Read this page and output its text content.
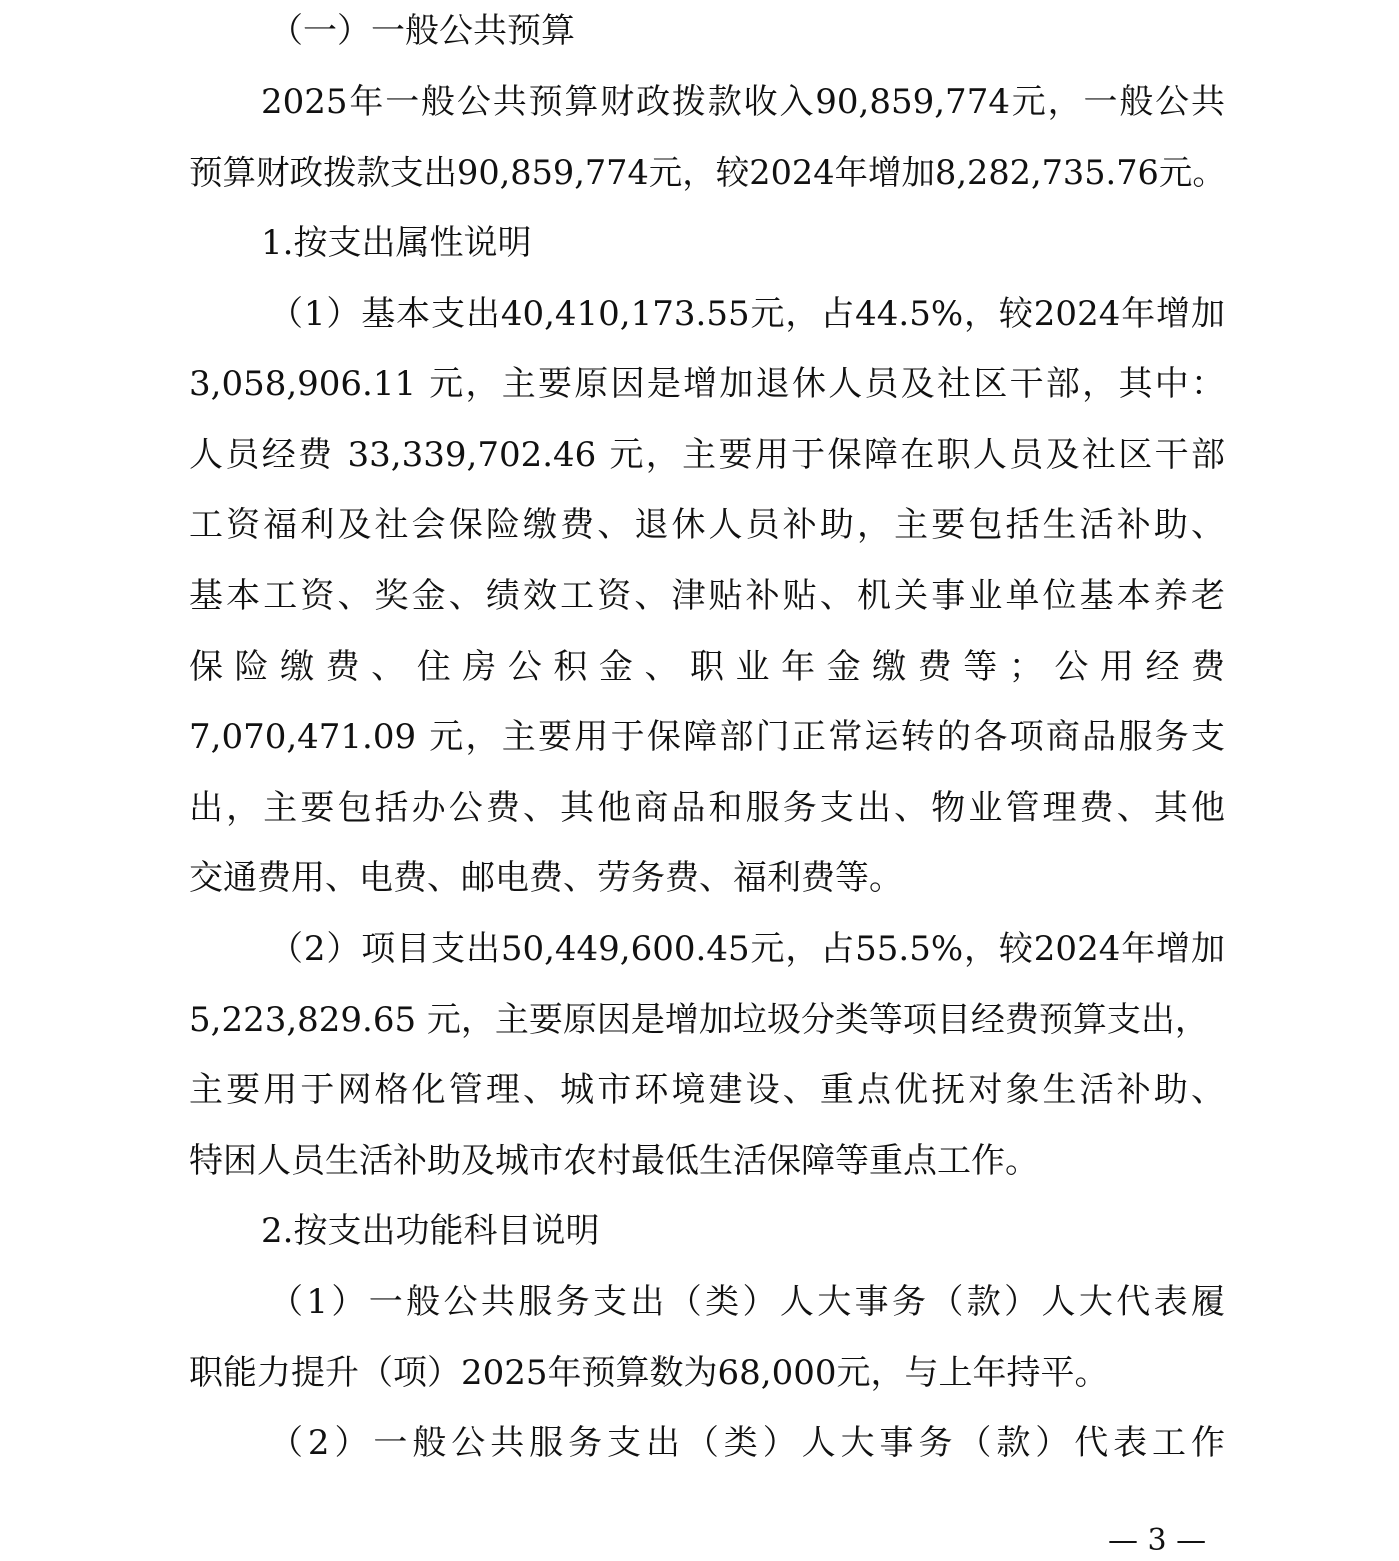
（一）一般公共预算
2025年一般公共预算财政拨款收入90,859,774元，一般公共
预算财政拨款支出90,859,774元，较2024年增加8,282,735.76元。
1.按支出属性说明
（1）基本支出40,410,173.55元，占44.5%，较2024年增加
3,058,906.11 元，主要原因是增加退休人员及社区干部，其中：
人员经费 33,339,702.46 元，主要用于保障在职人员及社区干部
工资福利及社会保险缴费、退休人员补助，主要包括生活补助、
基本工资、奖金、绩效工资、津贴补贴、机关事业单位基本养老
保险缴费、住房公积金、职业年金缴费等；公用经费
7,070,471.09 元，主要用于保障部门正常运转的各项商品服务支
出，主要包括办公费、其他商品和服务支出、物业管理费、其他
交通费用、电费、邮电费、劳务费、福利费等。
（2）项目支出50,449,600.45元，占55.5%，较2024年增加
5,223,829.65 元，主要原因是增加垃圾分类等项目经费预算支出，
主要用于网格化管理、城市环境建设、重点优抚对象生活补助、
特困人员生活补助及城市农村最低生活保障等重点工作。
2.按支出功能科目说明
（1）一般公共服务支出（类）人大事务（款）人大代表履
职能力提升（项）2025年预算数为68,000元，与上年持平。
（2）一般公共服务支出（类）人大事务（款）代表工作
— 3 —
